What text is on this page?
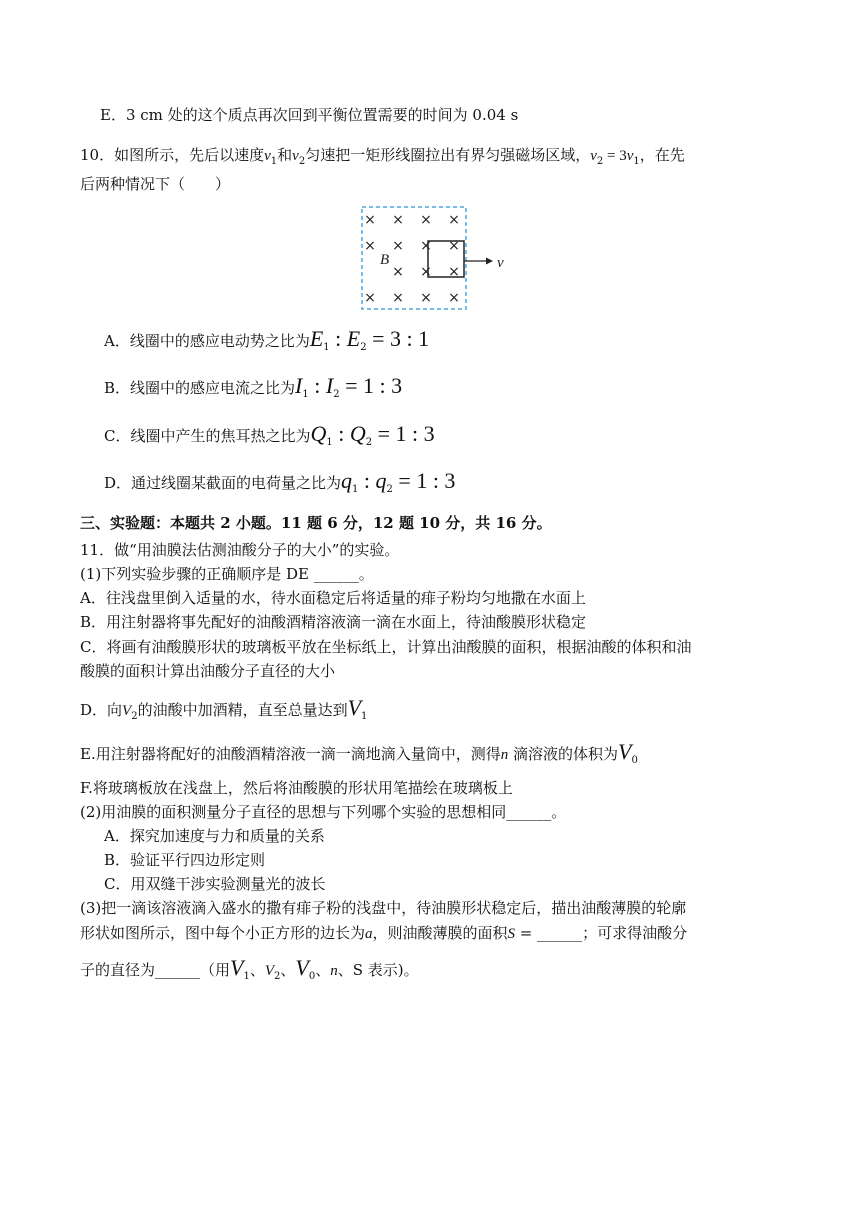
E．3 cm 处的这个质点再次回到平衡位置需要的时间为 0.04 s
10．如图所示，先后以速度$v_1$和$v_2$匀速把一矩形线圈拉出有界匀强磁场区域，$v_2 = 3v_1$，在先
后两种情况下（　　）
× × × ×
× × × ×
× × ×
× × × ×
v
B
A．线圈中的感应电动势之比为$E_1$ : $E_2 = 3$ : 1
B．线圈中的感应电流之比为$I_1$ : $I_2 = 1$ : 3
C．线圈中产生的焦耳热之比为$Q_1$ : $Q_2 = 1$ : 3
D．通过线圈某截面的电荷量之比为$q_1$ : $q_2 = 1$ : 3
三、实验题：本题共 2 小题。11 题 6 分，12 题 10 分，共 16 分。
11．做“用油膜法估测油酸分子的大小”的实验。
(1)下列实验步骤的正确顺序是 DE ______。
A．往浅盘里倒入适量的水，待水面稳定后将适量的痱子粉均匀地撒在水面上
B．用注射器将事先配好的油酸酒精溶液滴一滴在水面上，待油酸膜形状稳定
C．将画有油酸膜形状的玻璃板平放在坐标纸上，计算出油酸膜的面积，根据油酸的体积和油
酸膜的面积计算出油酸分子直径的大小
D．向$V_2$的油酸中加酒精，直至总量达到$V_1$
E.用注射器将配好的油酸酒精溶液一滴一滴地滴入量筒中，测得n 滴溶液的体积为$V_0$
F.将玻璃板放在浅盘上，然后将油酸膜的形状用笔描绘在玻璃板上
(2)用油膜的面积测量分子直径的思想与下列哪个实验的思想相同______。
A．探究加速度与力和质量的关系
B．验证平行四边形定则
C．用双缝干涉实验测量光的波长
(3)把一滴该溶液滴入盛水的撒有痱子粉的浅盘中，待油膜形状稳定后，描出油酸薄膜的轮廓
形状如图所示，图中每个小正方形的边长为a，则油酸薄膜的面积S = ______；可求得油酸分
子的直径为______（用$V_1$、$V_2$、$V_0$、n、S 表示)。
